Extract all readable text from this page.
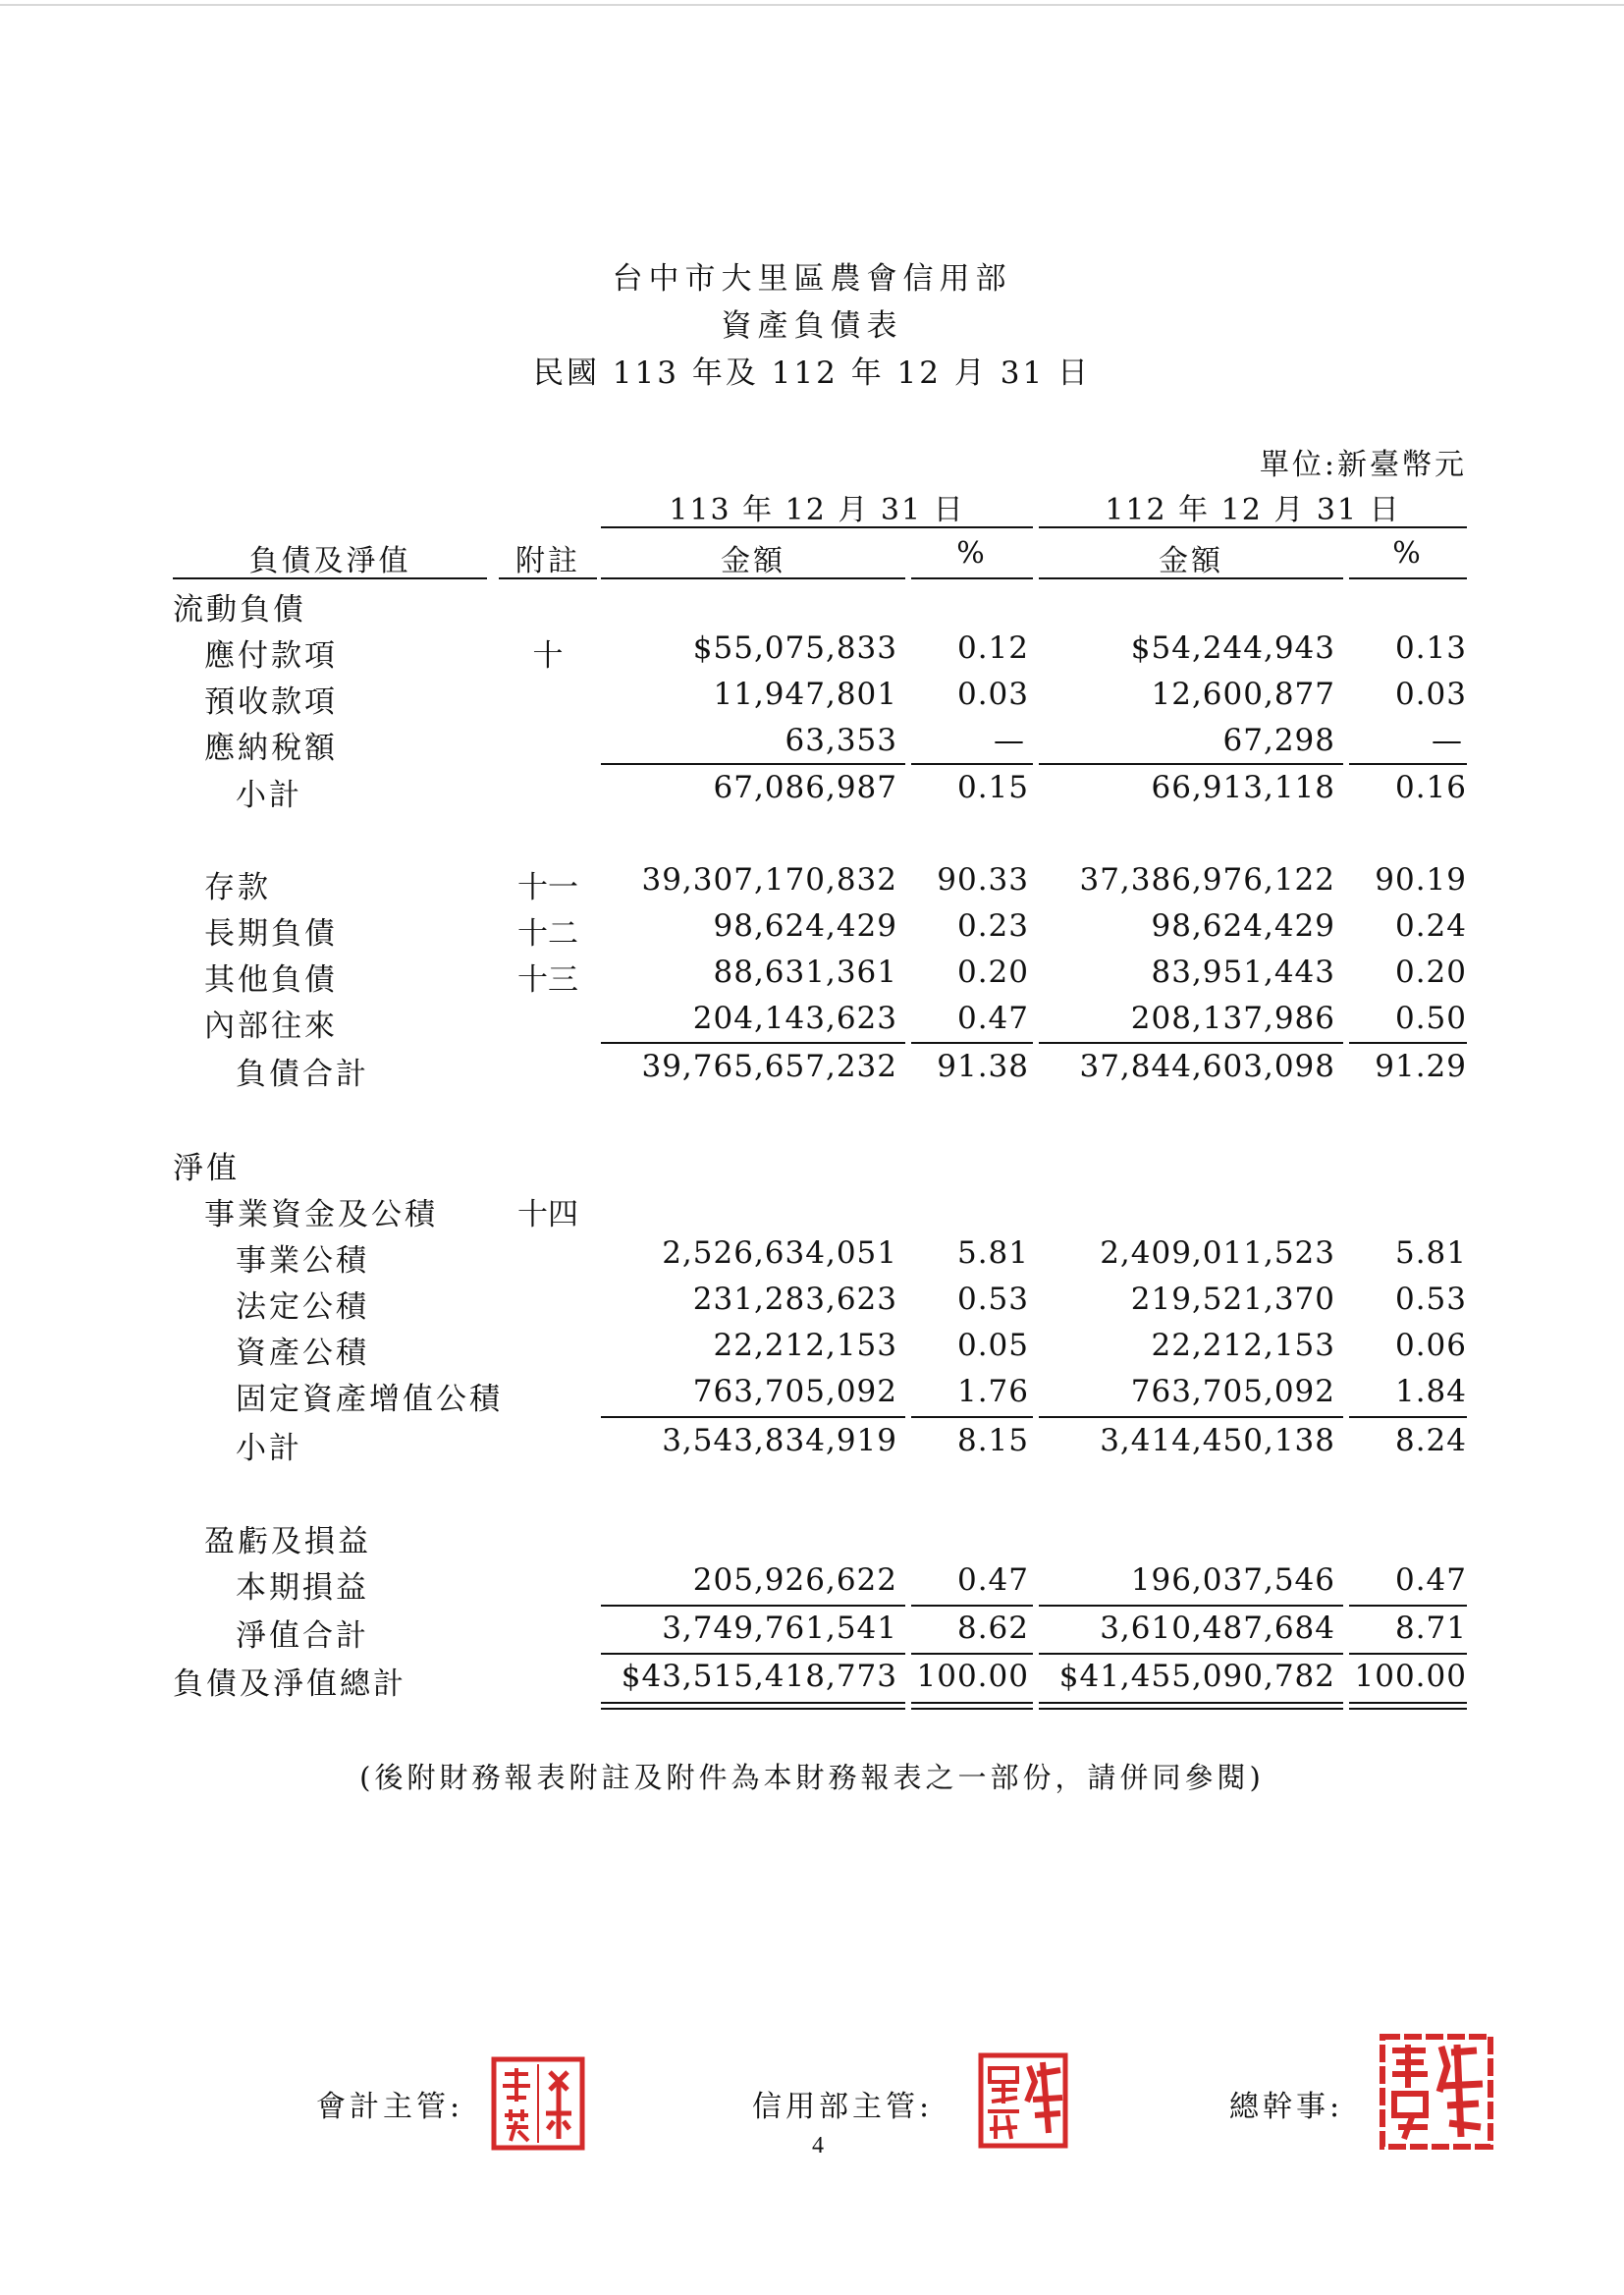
台中市大里區農會信用部
資產負債表
民國 113 年及 112 年 12 月 31 日
單位:新臺幣元
113 年 12 月 31 日	112 年 12 月 31 日
負債及淨值	附註	金額	%	金額	%
流動負債
應付款項	十	$55,075,833 0.12	$54,244,943 0.13
預收款項	11,947,801 0.03	12,600,877 0.03
應納稅額	63,353	—	67,298	—
小計	67,086,987 0.15	66,913,118 0.16
存款	十一	39,307,170,832 90.33 37,386,976,122 90.19
長期負債	十二	98,624,429 0.23	98,624,429 0.24
其他負債	十三	88,631,361 0.20	83,951,443 0.20
內部往來	204,143,623 0.47	208,137,986 0.50
負債合計	39,765,657,232 91.38 37,844,603,098 91.29
淨值
事業資金及公積	十四
事業公積	2,526,634,051 5.81 2,409,011,523 5.81
法定公積	231,283,623 0.53	219,521,370 0.53
資產公積	22,212,153 0.05	22,212,153 0.06
固定資產增值公積	763,705,092 1.76	763,705,092 1.84
小計	3,543,834,919 8.15 3,414,450,138 8.24
盈虧及損益
本期損益	205,926,622 0.47	196,037,546 0.47
淨值合計	3,749,761,541 8.62 3,610,487,684 8.71
負債及淨值總計	$43,515,418,773 100.00 $41,455,090,782 100.00
(後附財務報表附註及附件為本財務報表之一部份，請併同參閱)
會計主管:	信用部主管:	總幹事:
4
